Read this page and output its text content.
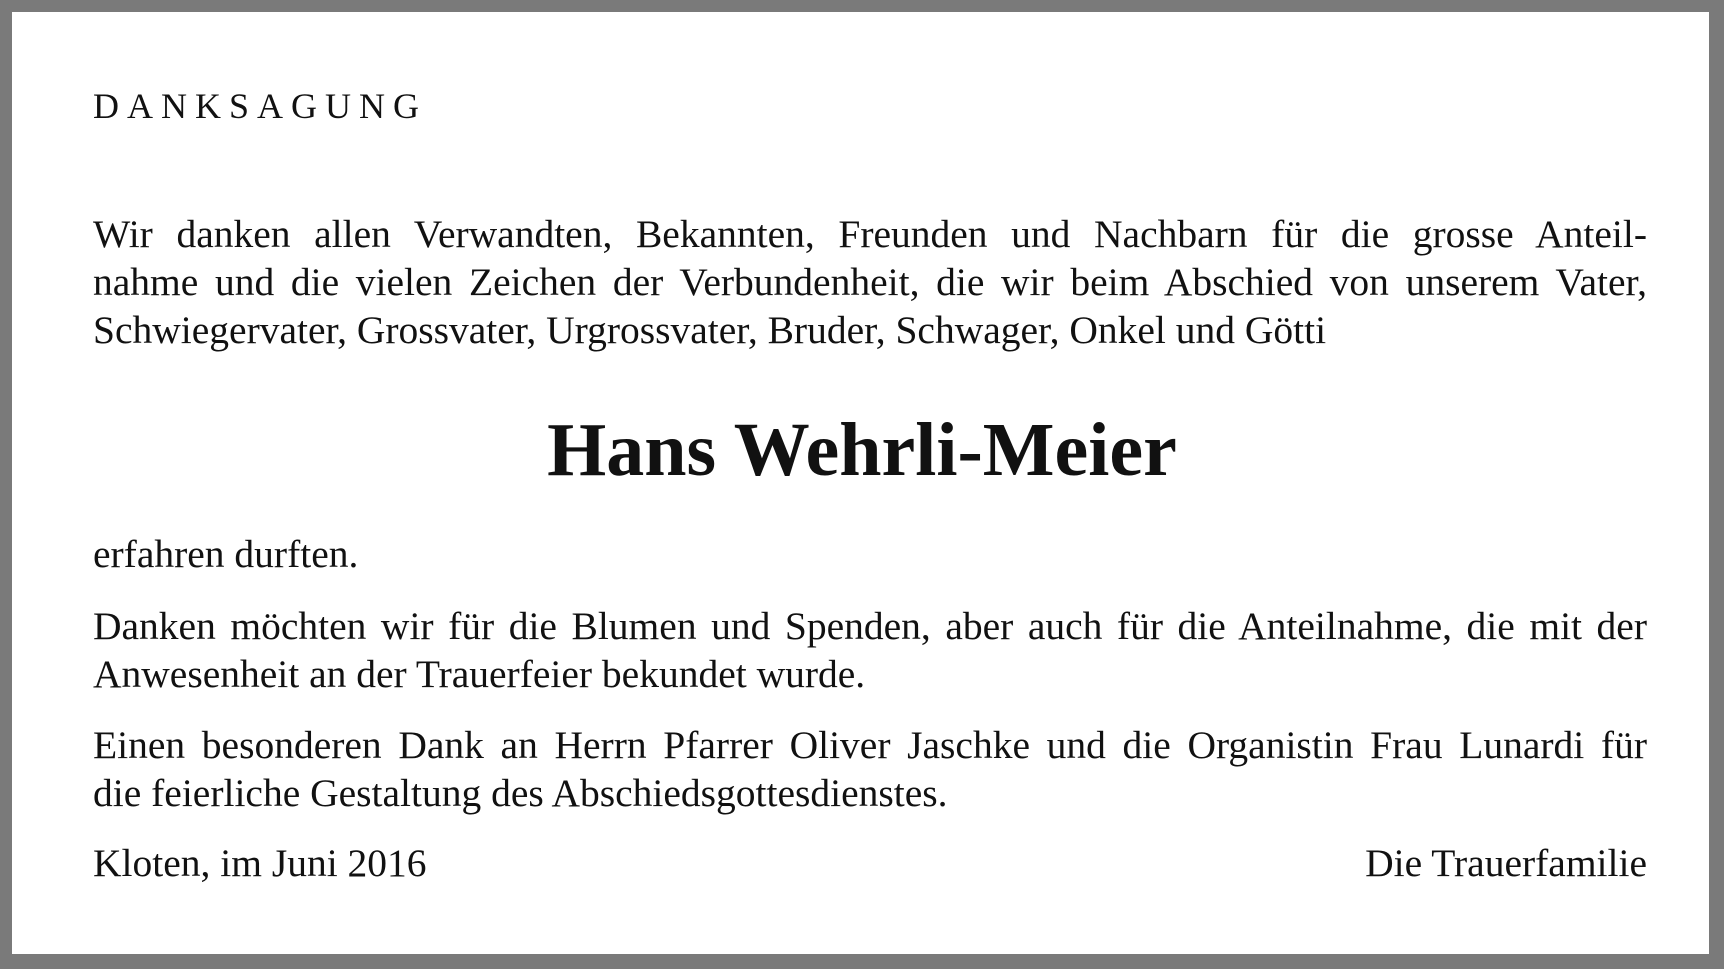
DANKSAGUNG
Wir danken allen Verwandten, Bekannten, Freunden und Nachbarn für die grosse Anteil-
nahme und die vielen Zeichen der Verbundenheit, die wir beim Abschied von unserem Vater,
Schwiegervater, Grossvater, Urgrossvater, Bruder, Schwager, Onkel und Götti
Hans Wehrli-Meier
erfahren durften.
Danken möchten wir für die Blumen und Spenden, aber auch für die Anteilnahme, die mit der
Anwesenheit an der Trauerfeier bekundet wurde.
Einen besonderen Dank an Herrn Pfarrer Oliver Jaschke und die Organistin Frau Lunardi für
die feierliche Gestaltung des Abschiedsgottesdienstes.
Kloten, im Juni 2016	Die Trauerfamilie
